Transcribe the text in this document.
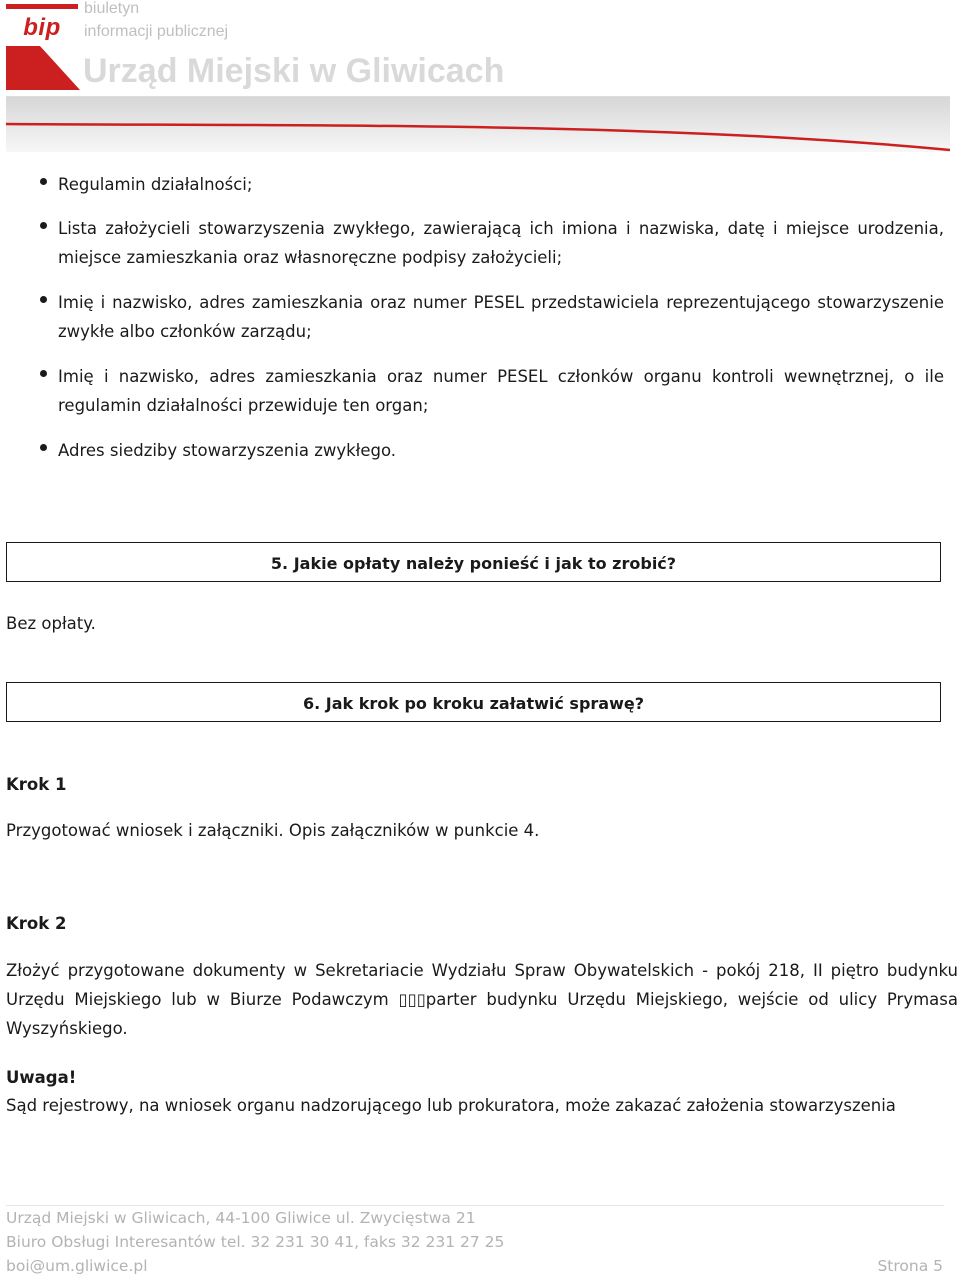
bip
biuletyn
informacji publicznej
Urząd Miejski w Gliwicach
Regulamin działalności;
Lista założycieli stowarzyszenia zwykłego, zawierającą ich imiona i nazwiska, datę i miejsce urodzenia, miejsce zamieszkania oraz własnoręczne podpisy założycieli;
Imię i nazwisko, adres zamieszkania oraz numer PESEL przedstawiciela reprezentującego stowarzyszenie zwykłe albo członków zarządu;
Imię i nazwisko, adres zamieszkania oraz numer PESEL członków organu kontroli wewnętrznej, o ile regulamin działalności przewiduje ten organ;
Adres siedziby stowarzyszenia zwykłego.
5. Jakie opłaty należy ponieść i jak to zrobić?
Bez opłaty.
6. Jak krok po kroku załatwić sprawę?
Krok 1
Przygotować wniosek i załączniki. Opis załączników w punkcie 4.
Krok 2
Złożyć przygotowane dokumenty w Sekretariacie Wydziału Spraw Obywatelskich - pokój 218, II piętro budynku Urzędu Miejskiego lub w Biurze Podawczym ▯▯▯parter budynku Urzędu Miejskiego, wejście od ulicy Prymasa Wyszyńskiego.
Uwaga!
Sąd rejestrowy, na wniosek organu nadzorującego lub prokuratora, może zakazać założenia stowarzyszenia
Urząd Miejski w Gliwicach, 44-100 Gliwice ul. Zwycięstwa 21
Biuro Obsługi Interesantów tel. 32 231 30 41, faks 32 231 27 25
boi@um.gliwice.pl	Strona 5
